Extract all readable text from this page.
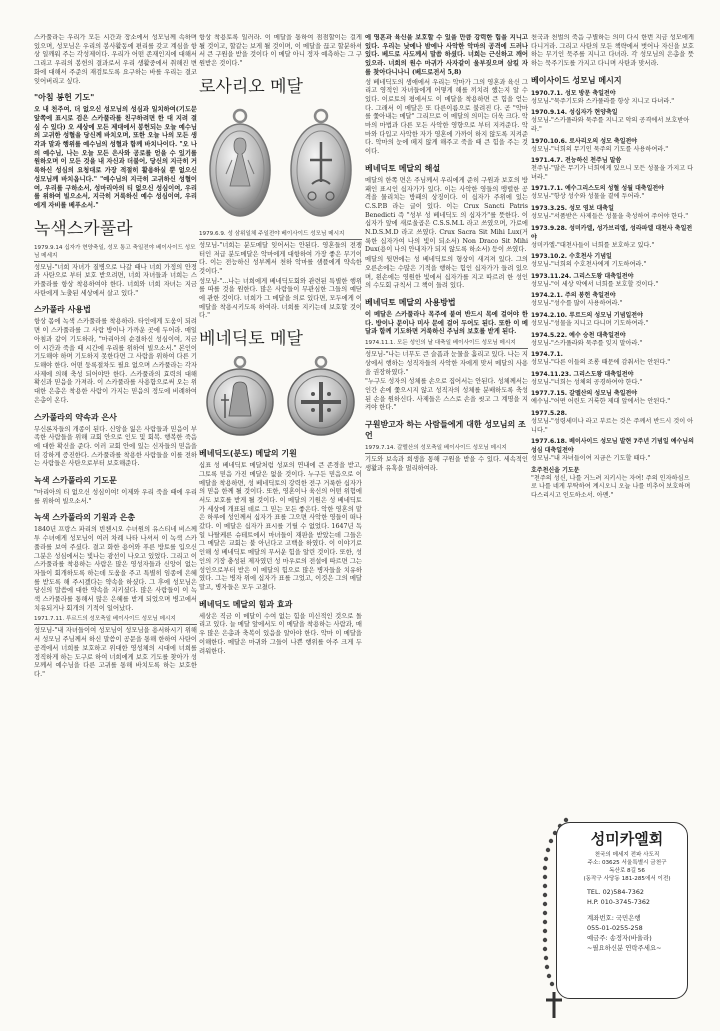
스카풀라는 우리가 모든 시간과 장소에서 성모님께 속하며 있으며, 성모님은 우리의 봉사활동에 편리를 갖고 계심을 항상 일깨워 주는 각성제이다. 우리가 어떤 존재인지에 대해서 그리고 우리의 봉헌의 결과로서 우리 생활중에서 취해진 변화에 대해서 주준의 재검토도록 요구하는 바를 우리는 결코 잊어버리고 싶다.

"아침 봉헌 기도"

오 내 천주여, 더 없으신 성모님의 성심과 일치하여(기도문 앞쪽에 표시로 검은 스카풀라를 친구하려면 한 대 지려 결심 수 있다) 오 세상에 모든 제대에서 봉헌되는 오늘 예수님의 고귀한 성혈을 당신께 바치오며, 또한 오늘 나의 모든 생각과 말과 행위를 예수님의 성혈과 함께 바치나이다. "오 나의 예수님, 나는 오늘 모든 은사와 공로를 얻을 수 있기를 원하오며 이 모든 것을 내 자신과 더불어, 당신의 지극히 거룩하신 성심의 요청대로 가장 적절히 활용하실 뿐 없으신 성모님께 바치옵니다." "예수님의 지극히 고귀하신 성혈이여, 우리를 구하소서, 성마리아의 티 없으신 성심이여, 우리를 위하여 빌으소서, 지극히 거룩하신 예수 성심이여, 우리에게 자비를 베푸소서."

녹색스카풀라
1979.9.14 십자가 현양축일, 성모 통고 축일전야 베이사이드 성모님 메세지

성모님-"너희 자녀가 질병으로 나갈 때나 너희 가정의 안정과 사탄으로 부터 보호 받으려면, 너희 자녀들과 너희는 스카풀라를 항상 착용하여야 한다. 너희와 너희 자녀는 지금 사탄에게 노출된 세상에서 살고 있다."

스카풀라 사용법

항상 몸에 녹색 스카풀라를 착용하라. 타인에게 도움이 되려면 이 스카풀라를 그 사람 방이나 가까운 곳에 두어라. 매일 아침과 같이 기도하라, "마리아의 순결하신 성심이여, 지금 이 시간과 죽을 때 시간에 우리를 위하여 빌으소서." 본인이 기도해야 하며 기도하지 못한다면 그 사람을 위하여 다른 기도해야 한다. 어떤 둥록절차도 필요 없으며 스카풀라는 각자 사제에 의해 축성 되어야만 한다. 스카풀라의 효력의 대해 확신과 믿음을 가져라. 이 스카풀라를 사용함으로써 오는 위대한 은총은 착용한 사람이 가지는 믿음의 정도에 비례하여 은총이 온다.

스카풀라의 약속과 은사

무신론자들의 개종이 된다. 신앙을 잃은 사람들과 믿음이 부족한 사람들을 위해 교회 안으로 인도 및 회복. 행복한 죽음에 대한 확신을 준다. 이러 교회 안에 있는 신자들의 믿음을 더 강하게 증진한다. 스카풀라를 착용한 사람들을 이를 전하는 사람들은 사탄으로부터 보호해준다.

녹색 스카풀라의 기도문

"마리아의 티 없으신 성심이여! 이제와 우리 죽을 때에 우리를 위하여 빌으소서."

녹색 스카풀라의 기원과 은총

1840년 프랑스 파리의 빈첸시오 수녀원의 유스티네 비스께투 수녀에게 성모님이 여러 차례 나타 나셔서 이 녹색 스카풀라를 보여 주셨다. 결고 화한 용어와 푸른 방토를 입으신 그분은 성심에서는 빛나는 광선이 나오고 있었다. 그리고 이 스카풀라를 착용하는 사람은 많은 영성자들과 신앙이 없는 자들이 회개하도록 하는데 도움을 주고 특별히 임종에 은혜를 받도록 해 주시겠다는 약속을 하셨다. 그 후에 성모님은 당신의 말씀에 대한 약속을 지키셨다. 많은 사람들이 이 녹색 스카풀라를 통해서 많은 은혜를 받게 되었으며 병고에서 치유되거나 회개의 기적이 일어났다.

1971.7.11. 루르드의 성모축일 베이사이드 성모님 메시지

성모님-"내 자녀들이여 성모님이 성모님을 용서하시기 위해서 성모님 주님께서 하신 말씀이 공문을 통해 한하여 사탄이 공격에서 너희를 보호하고 위대한 영성체의 시대에 너희를 정직하게 하는 도구로 하여 너희에게 보호 기도를 찾아가 성모께서 예수님을 다른 고귀를 통해 바치도록 하는 보호한다."

항상 착용토록 일러라. 이 메달을 통하여 점점할이는 걸게 될 것이고, 할같는 보게 될 것이며, 이 메달을 끊고 할분하셔서 큰 구원을 받을 것이다 이 메달 아니 정자 예측하는 그 구원받은 것이다."

로사리오 메달
1979.6.9. 성 삼위일체 주일전야 베이사이드 성모님 메시지

성모님-"너희는 분도메달 잊어서는 안된다. 영혼들의 전쟁터인 저급 분도메달은 악마에게 대항하여 가장 좋은 무기이다. 이는 전능하신 성부께서 천하 악마를 샘플에게 약속한 것이다."

성모님-"...나는 너희에게 베네딕도회와 관련된 특별한 행위를 따를 것을 원한다. 많은 사람들이 무관심한 그들의 예닫에 관한 것이다. 너희가 그 메달을 의로 있다면, 모두에게 이 메달을 착용시키도록 하여라. 너희를 지키는데 보호할 것이다."

베네딕토 메달
베네딕도(분도) 메달의 기원

십표 성 베네딕토 메달처럼 성포의 연내에 큰 존경을 받고, 그토록 믿음 가진 메달은 없을 것이다. 누구든 믿음으로 이 메달을 착용하면, 성 베네딕토의 강력한 전구 거룩한 십자가의 믿음 한께 될 것이다. 또한, 영혼이나 육신의 어떤 위험에서도 보호를 받게 될 것이다. 이 메달의 기원은 성 베네딕토가 세상에 개표된 데로 그 믿는 모든 좋은다. 악한 영혼의 맡은 하루에 성인께서 십자가 표를 그으면 사악한 영들이 떠나갔다. 이 메달은 십자가 표시를 기릴 수 없었다. 1647년 독일 나탈케른 슈테트에서 마녀들이 재판을 받았는데 그들은 그 메달은 교회는 불 아닌다고 고백을 하였다. 이 이야기로 인해 성 베네딕토 메달의 무서운 힘을 알린 것이다. 또한, 성인의 기장 충성된 제자였던 성 마우로의 전설에 따르면 그는 성인으로부터 받은 이 메달의 힘으로 많은 병자들을 치유하였다. 그는 병자 위에 십자가 표를 그었고, 이것은 그의 메달 말고, 병자들은 모두 고쳤다.

베네딕도 메달의 힘과 효과

세상은 직금 이 메달이 수여 없는 힘을 미신적인 것으로 돌리고 있다. 늘 메달 앞에서도 이 메달을 착용하는 사람과, 매우 많은 은총과 축복이 있음을 알아야 한다. 악마 이 메달을 이해한다. 메달은 마귀와 그들이 나쁜 행위를 아주 크게 두려워한다.

에 영혼과 육신을 보호할 수 있을 만큼 강력한 힘을 지니고 있다. 우리는 낮에나 밤에나 사악한 악마의 공격에 드러나 있다. 베드로 사도께서 말씀 하셨다. 너희는 근신하고 깨어있으라. 너희의 원수 마귀가 사자같이 울부짖으며 삼킬 자를 찾아다니나니 (베드로전서 5,8)

성 베네딕도의 생애에서 우리는 악마가 그의 영혼과 육신 그리고 영적인 자녀들에게 어떻게 해를 끼치려 했는지 알 수 있다. 이로토의 평에서도 이 메달을 착용하면 큰 힘을 얻는다. 그래서 이 메달은 또 다른이름으로 불려진 다. 곧 "악마를 쫓아내는 메달" 그리므로 이 메달의 의미는 더욱 크다. 악마의 마법과 다른 모든 사악한 영향으로 부터 지켜준다. 악마와 다입고 사악한 자가 영혼에 가까이 하지 않도록 지켜준다. 악마의 눈에 떼지 않게 해주고 죽을 때 큰 힘을 주는 것이다.

베네딕토 메달의 해설

메달의 한쪽 면은 주님께서 우리에게 준히 구원과 보호의 방패인 표시인 십자가가 있다. 이는 사악한 영들의 맹렬한 공격을 물리치는 방패의 상징이다. 이 십자가 주위에 있는 C.S.P.B 라는 글이 있다. 이는 Crux Sancti Patris Benedicti 즉 "성부 성 베네딕도 의 십자가"를 뜻한다. 이 십자가 앞에 새로울곱은 C.S.S.M.L 라고 쓰였으며, 가로에 N.D.S.M.D 라고 쓰였다. Crux Sacra Sit Mihi Lux(거룩한 십자가여 나의 빛이 되소서) Non Draco Sit Mihi Dux(용이 나의 안내자가 되지 않도록 하소서) 등이 쓰였다.

메달의 뒷면에는 성 베네딕토의 형상이 새겨져 있다. 그의 오른손에는 수많은 기적을 행하는 힘인 십자가가 들려 있으며, 왼손에는 영원한 빛에서 십자가를 지고 따르려 한 성인의 수도회 규칙서 그 책이 들려 있다.

베네딕토 메달의 사용방법

이 메달은 스카풀라나 목주에 붙여 반드시 목에 걸어야 한다. 방이나 문이나 미사 문에 걸어 두어도 된다. 또한 이 메달과 함께 기도하면 거룩하신 주님의 보호를 받게 된다.

1974.11.1. 모든 성인의 날 대축일 베이사이드 성모님 메시지

성모님-"나는 너무도 큰 슬픔과 눈물을 흘리고 있다. 나는 지상에서 행하는 성직자들의 사악한 자에게 맞서 메달의 사용을 권장하였다."

"누구도 성자의 성체를 손으로 집어서는 안된다. 성체께서는 인간 손에 쫓으시지 않고 성직자의 성체를 분배하도록 축성된 손을 원하신다. 사제들은 스스로 손을 씻고 그 계명을 지켜야 한다."

구원받고자 하는 사람들에게 대한 성모님의 조언
1979.7.14. 갈멜산의 성모축일 베이사이드 성모님 메시지

기도와 보속과 희생을 통해 구원을 받을 수 있다. 세속적인 생활과 유혹을 멀리하여라.

천국과 천벌의 죽음 구별하는 의미 다시 한번 지금 성모에게 다니거라. 그리고 사탄의 모든 책략에서 벗어나 자신을 보호하는 무기인 묵주를 지니고 다녀라. 각 성모님의 은총을 뜻하는 묵주기도를 가지고 다니며 사탄과 맞서라.

베이사이드 성모님 메시지
1970.7.1. 성모 방문 축일전야
성모님-"묵주기도와 스카풀라를 항상 지니고 다녀라."
1970.9.14. 성십자가 현양축일
성모님-"스카풀라와 묵주를 지니고 악의 공격에서 보호받아라."
1970.10.6. 로사리오의 성모 축일전야
성모님-"너희의 무기인 묵주의 기도를 사용하여라."
1971.4.7. 전능하신 천주님 말씀
천주님-"많은 무기가 너희에게 있으니 모든 성물을 가지고 다녀라."
1971.7.1. 예수그리스도의 성혈 성월 대축일전야
성모님-"항상 성수와 성물을 곁에 두어라."
1973.3.25. 성모 영보 대축일
성모님-"서품받은 사제들은 성물을 축성하여 주어야 한다."
1973.9.28. 성미카엘, 성가브리엘, 성라파엘 대천사 축일전야
성미카엘-"대천사들이 너희를 보호하고 있다."
1973.10.2. 수호천사 기념일
성모님-"너희의 수호천사에게 기도하여라."
1973.11.24. 그리스도왕 대축일전야
성모님-"이 세상 악에서 너희를 보호할 것이다."
1974.2.1. 주의 봉헌 축일전야
성모님-"성수를 많이 사용하여라."
1974.2.10. 루르드의 성모님 기념일전야
성모님-"성물을 지니고 다니며 기도하여라."
1974.5.22. 예수 승천 대축일전야
성모님-"스카풀라와 묵주를 잊지 말아라."
1974.7.1.
성모님-"다른 이들의 조롱 때문에 감춰서는 안된다."
1974.11.23. 그리스도왕 대축일전야
성모님-"너희는 성체의 공경하여야 한다."
1977.7.15. 갈멜산의 성모님 축일전야
예수님-"어떤 어린도 거룩한 제대 앞에서는 안된다."
1977.5.28.
성모님-"성령세미나 라고 부르는 것은 주께서 반드시 것이 아니다."
1977.6.18. 베이사이드 성모님 발현 7주년 기념일 예수님의 성심 대축일전야
성모님-"내 자녀들이여 지금은 기도할 때다."
호주천신을 기도문
"천주의 성신, 나를 거느려 지키시는 자여! 주의 인자하심으로 나를 네게 부탁하여 계시오니 오늘 나를 비추어 보호하며 다스리시고 인도하소서. 아멘."
성미카엘회
천국의 메세지 전파 사도직
주소: 03625 서울특별시 금천구
독산로 8길 56
(동작구 사당동 181-285에서 이전)
TEL. 02)584-7362
H.P. 010-3745-7362
계좌번호: 국민은행
055-01-0255-258
예금주: 송정자(바울라)
~필요하신분 연락주세요~
